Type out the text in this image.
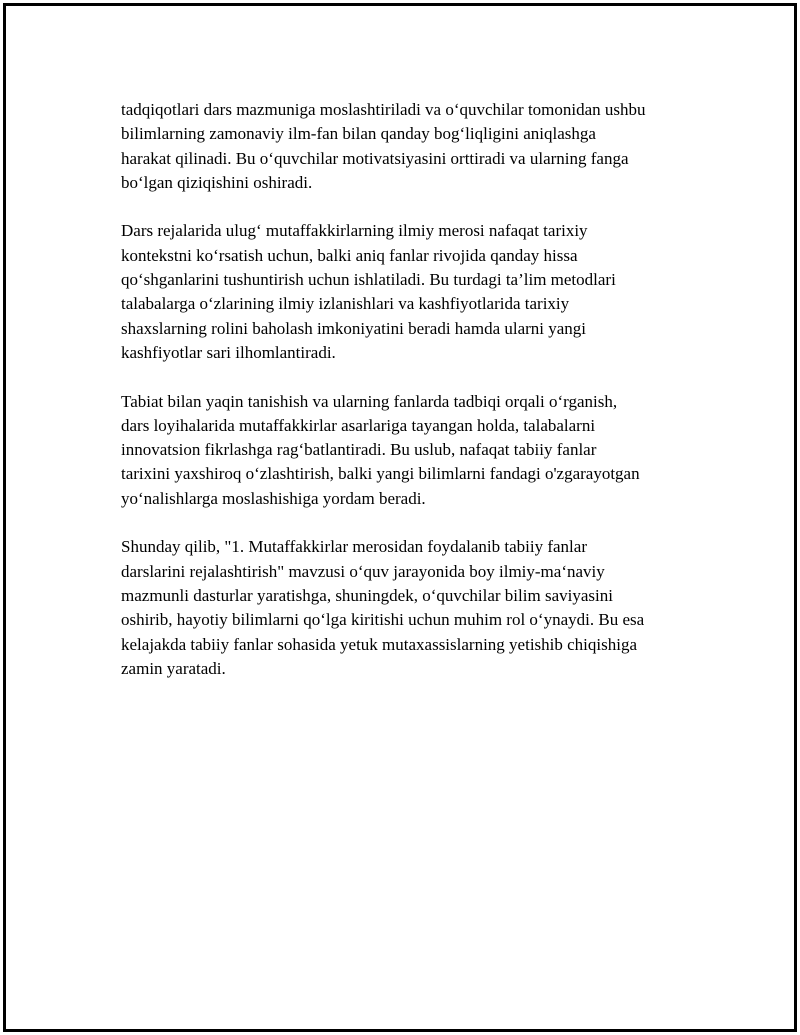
tadqiqotlari dars mazmuniga moslashtiriladi va o‘quvchilar tomonidan ushbu
bilimlarning zamonaviy ilm-fan bilan qanday bog‘liqligini aniqlashga
harakat qilinadi. Bu o‘quvchilar motivatsiyasini orttiradi va ularning fanga
bo‘lgan qiziqishini oshiradi.

Dars rejalarida ulug‘ mutaffakkirlarning ilmiy merosi nafaqat tarixiy
kontekstni ko‘rsatish uchun, balki aniq fanlar rivojida qanday hissa
qo‘shganlarini tushuntirish uchun ishlatiladi. Bu turdagi ta’lim metodlari
talabalarga o‘zlarining ilmiy izlanishlari va kashfiyotlarida tarixiy
shaxslarning rolini baholash imkoniyatini beradi hamda ularni yangi
kashfiyotlar sari ilhomlantiradi.

Tabiat bilan yaqin tanishish va ularning fanlarda tadbiqi orqali o‘rganish,
dars loyihalarida mutaffakkirlar asarlariga tayangan holda, talabalarni
innovatsion fikrlashga rag‘batlantiradi. Bu uslub, nafaqat tabiiy fanlar
tarixini yaxshiroq o‘zlashtirish, balki yangi bilimlarni fandagi o'zgarayotgan
yo‘nalishlarga moslashishiga yordam beradi.

Shunday qilib, "1. Mutaffakkirlar merosidan foydalanib tabiiy fanlar
darslarini rejalashtirish" mavzusi o‘quv jarayonida boy ilmiy-ma‘naviy
mazmunli dasturlar yaratishga, shuningdek, o‘quvchilar bilim saviyasini
oshirib, hayotiy bilimlarni qo‘lga kiritishi uchun muhim rol o‘ynaydi. Bu esa
kelajakda tabiiy fanlar sohasida yetuk mutaxassislarning yetishib chiqishiga
zamin yaratadi.
